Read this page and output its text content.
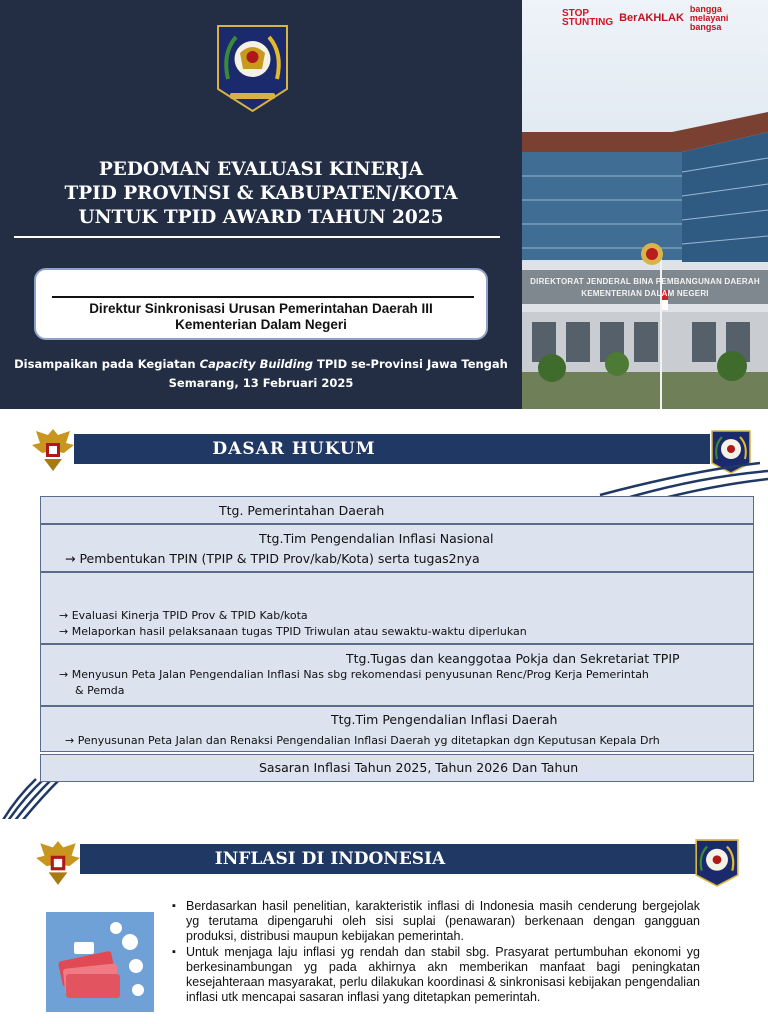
PEDOMAN EVALUASI KINERJA
TPID PROVINSI & KABUPATEN/KOTA
UNTUK TPID AWARD TAHUN 2025
Direktur Sinkronisasi Urusan Pemerintahan Daerah III
Kementerian Dalam Negeri
Disampaikan pada Kegiatan Capacity Building TPID se-Provinsi Jawa Tengah
Semarang, 13 Februari 2025
DIREKTORAT JENDERAL BINA PEMBANGUNAN DAERAH
KEMENTERIAN DALAM NEGERI
STOP
STUNTING BerAKHLAK
bangga
melayani
bangsa
DASAR HUKUM
Ttg. Pemerintahan Daerah
Ttg.Tim Pengendalian Inflasi Nasional
→ Pembentukan TPIN (TPIP & TPID Prov/kab/Kota) serta tugas2nya
→ Evaluasi Kinerja TPID Prov & TPID Kab/kota
→ Melaporkan hasil pelaksanaan tugas TPID Triwulan atau sewaktu-waktu diperlukan
Ttg.Tugas dan keanggotaa Pokja dan Sekretariat TPIP
→ Menyusun Peta Jalan Pengendalian Inflasi Nas sbg rekomendasi penyusunan Renc/Prog Kerja Pemerintah
& Pemda
Ttg.Tim Pengendalian Inflasi Daerah
→ Penyusunan Peta Jalan dan Renaksi Pengendalian Inflasi Daerah yg ditetapkan dgn Keputusan Kepala Drh
Sasaran Inflasi Tahun 2025, Tahun 2026 Dan Tahun
INFLASI DI INDONESIA
▪ Berdasarkan hasil penelitian, karakteristik inflasi di Indonesia masih cenderung bergejolak yg terutama dipengaruhi oleh sisi suplai (penawaran) berkenaan dengan gangguan produksi, distribusi maupun kebijakan pemerintah.
▪ Untuk menjaga laju inflasi yg rendah dan stabil sbg. Prasyarat pertumbuhan ekonomi yg berkesinambungan yg pada akhirnya akn memberikan manfaat bagi peningkatan kesejahteraan masyarakat, perlu dilakukan koordinasi & sinkronisasi kebijakan pengendalian inflasi utk mencapai sasaran inflasi yang ditetapkan pemerintah.
